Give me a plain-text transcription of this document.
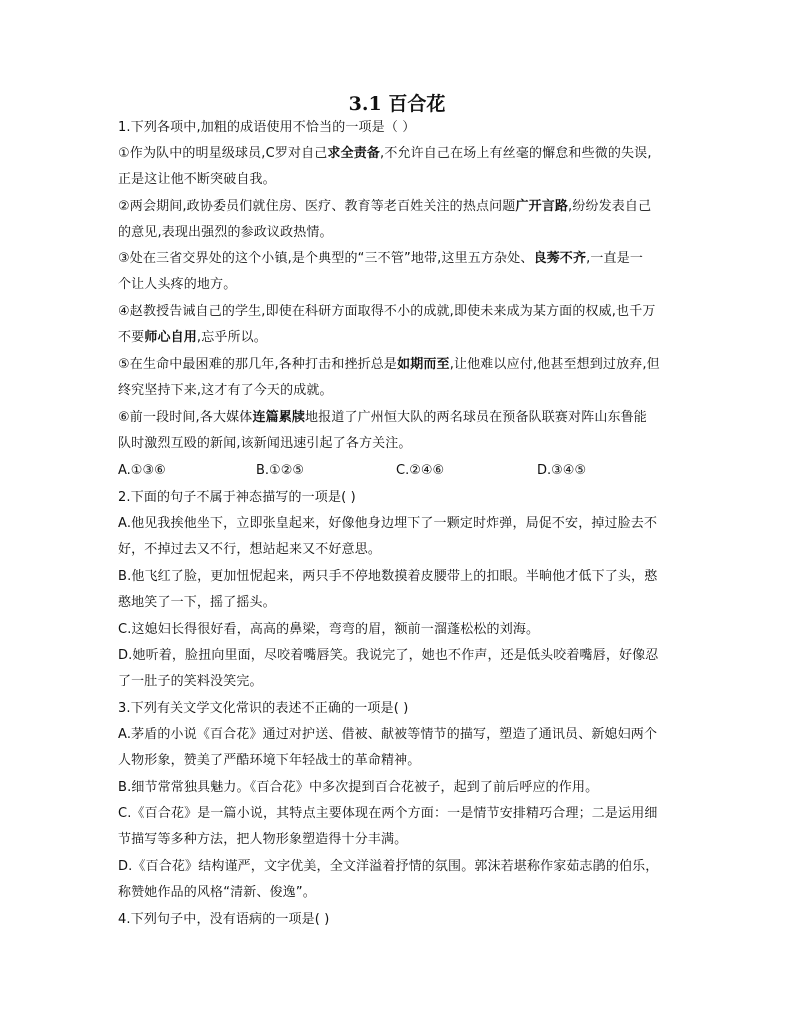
3.1 百合花
1.下列各项中,加粗的成语使用不恰当的一项是（ ）
①作为队中的明星级球员,C罗对自己求全责备,不允许自己在场上有丝毫的懈怠和些微的失误,
正是这让他不断突破自我。
②两会期间,政协委员们就住房、医疗、教育等老百姓关注的热点问题广开言路,纷纷发表自己
的意见,表现出强烈的参政议政热情。
③处在三省交界处的这个小镇,是个典型的“三不管”地带,这里五方杂处、良莠不齐,一直是一
个让人头疼的地方。
④赵教授告诫自己的学生,即使在科研方面取得不小的成就,即使未来成为某方面的权威,也千万
不要师心自用,忘乎所以。
⑤在生命中最困难的那几年,各种打击和挫折总是如期而至,让他难以应付,他甚至想到过放弃,但
终究坚持下来,这才有了今天的成就。
⑥前一段时间,各大媒体连篇累牍地报道了广州恒大队的两名球员在预备队联赛对阵山东鲁能
队时激烈互殴的新闻,该新闻迅速引起了各方关注。
A.①③⑥	B.①②⑤	C.②④⑥	D.③④⑤
2.下面的句子不属于神态描写的一项是( )
A.他见我挨他坐下，立即张皇起来，好像他身边埋下了一颗定时炸弹，局促不安，掉过脸去不
好，不掉过去又不行，想站起来又不好意思。
B.他飞红了脸，更加忸怩起来，两只手不停地数摸着皮腰带上的扣眼。半晌他才低下了头，憨
憨地笑了一下，摇了摇头。
C.这媳妇长得很好看，高高的鼻梁，弯弯的眉，额前一溜蓬松松的刘海。
D.她听着，脸扭向里面，尽咬着嘴唇笑。我说完了，她也不作声，还是低头咬着嘴唇，好像忍
了一肚子的笑料没笑完。
3.下列有关文学文化常识的表述不正确的一项是( )
A.茅盾的小说《百合花》通过对护送、借被、献被等情节的描写，塑造了通讯员、新媳妇两个
人物形象，赞美了严酷环境下年轻战士的革命精神。
B.细节常常独具魅力。《百合花》中多次提到百合花被子，起到了前后呼应的作用。
C.《百合花》是一篇小说，其特点主要体现在两个方面：一是情节安排精巧合理；二是运用细
节描写等多种方法，把人物形象塑造得十分丰满。
D.《百合花》结构谨严，文字优美，全文洋溢着抒情的氛围。郭沫若堪称作家茹志鹃的伯乐，
称赞她作品的风格“清新、俊逸”。
4.下列句子中，没有语病的一项是( )
